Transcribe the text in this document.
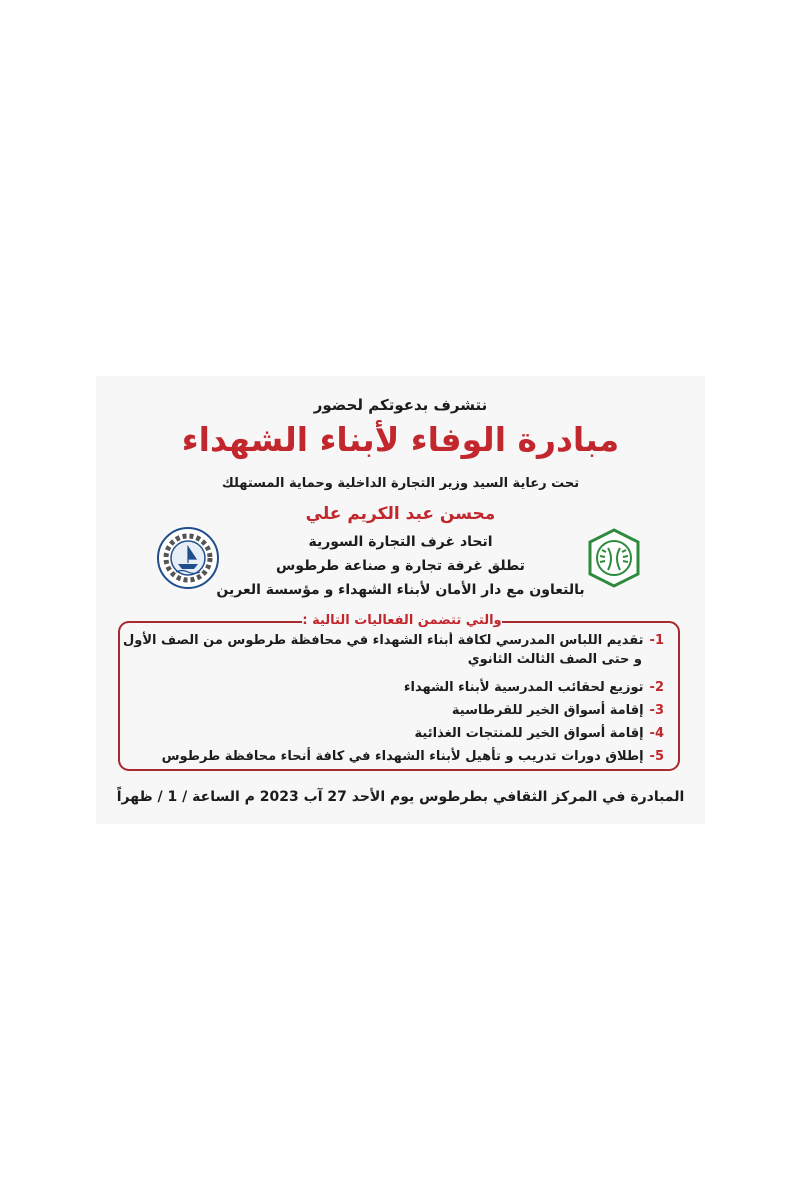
نتشرف بدعوتكم لحضور
مبادرة الوفاء لأبناء الشهداء
تحت رعاية السيد وزير التجارة الداخلية وحماية المستهلك
محسن عبد الكريم علي
اتحاد غرف التجارة السورية
تطلق غرفة تجارة و صناعة طرطوس
بالتعاون مع دار الأمان لأبناء الشهداء و مؤسسة العرين
والتي تتضمن الفعاليات التالية :
-1تقديم اللباس المدرسي لكافة أبناء الشهداء في محافظة طرطوس من الصف الأول
و حتى الصف الثالث الثانوي
-2توزيع لحقائب المدرسية لأبناء الشهداء
-3إقامة أسواق الخير للقرطاسية
-4إقامة أسواق الخير للمنتجات الغذائية
-5إطلاق دورات تدريب و تأهيل لأبناء الشهداء في كافة أنحاء محافظة طرطوس
المبادرة في المركز الثقافي بطرطوس يوم الأحد 27 آب 2023 م الساعة / 1 / ظهراً
